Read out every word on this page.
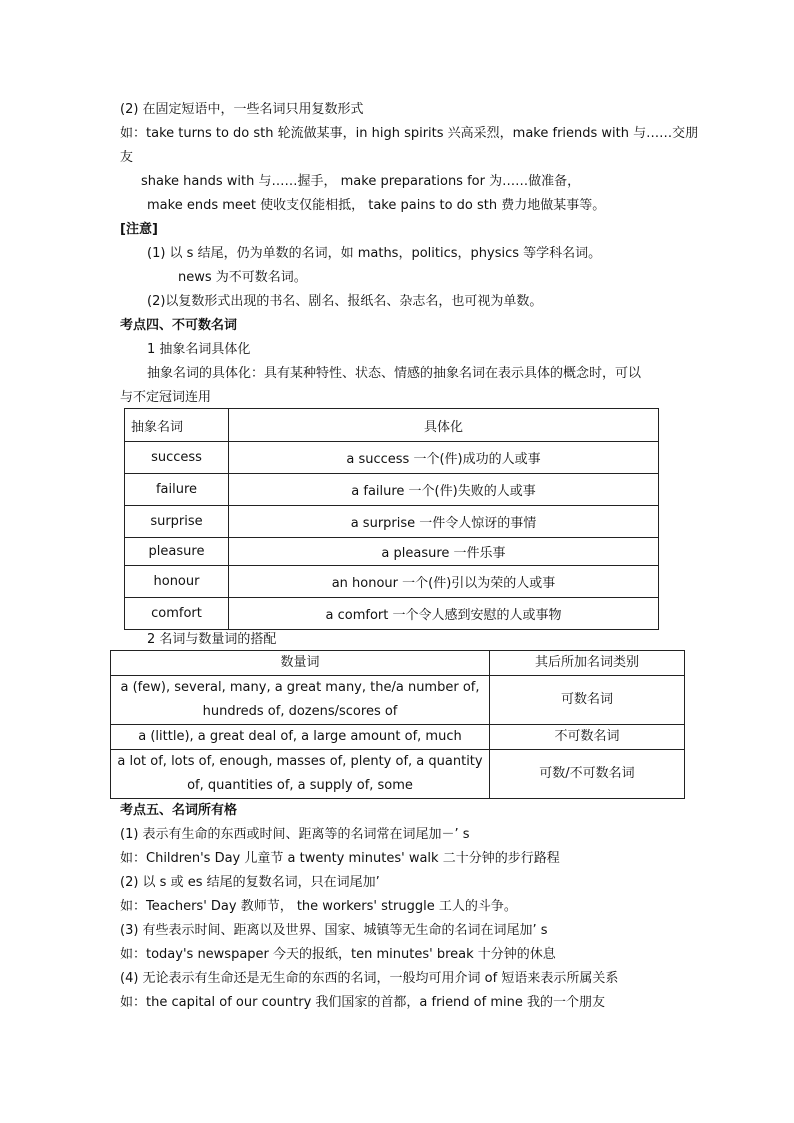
(2) 在固定短语中，一些名词只用复数形式
如：take turns to do sth 轮流做某事，in high spirits 兴高采烈，make friends with 与……交朋
友
shake hands with 与……握手， make preparations for 为……做准备，
make ends meet 使收支仅能相抵， take pains to do sth 费力地做某事等。
[注意]
(1) 以 s 结尾，仍为单数的名词，如 maths，politics，physics 等学科名词。
news 为不可数名词。
(2)以复数形式出现的书名、剧名、报纸名、杂志名，也可视为单数。
考点四、不可数名词
1 抽象名词具体化
抽象名词的具体化：具有某种特性、状态、情感的抽象名词在表示具体的概念时，可以
与不定冠词连用
抽象名词	具体化
success	a success 一个(件)成功的人或事
failure	a failure 一个(件)失败的人或事
surprise	a surprise 一件令人惊讶的事情
pleasure	a pleasure 一件乐事
honour	an honour 一个(件)引以为荣的人或事
comfort	a comfort 一个令人感到安慰的人或事物
2 名词与数量词的搭配
数量词	其后所加名词类别
a (few), several, many, a great many, the/a number of, hundreds of, dozens/scores of	可数名词
a (little), a great deal of, a large amount of, much	不可数名词
a lot of, lots of, enough, masses of, plenty of, a quantity of, quantities of, a supply of, some	可数/不可数名词
考点五、名词所有格
(1) 表示有生命的东西或时间、距离等的名词常在词尾加－’ s
如：Children's Day 儿童节 a twenty minutes' walk 二十分钟的步行路程
(2) 以 s 或 es 结尾的复数名词，只在词尾加’
如：Teachers' Day 教师节， the workers' struggle 工人的斗争。
(3) 有些表示时间、距离以及世界、国家、城镇等无生命的名词在词尾加’ s
如：today's newspaper 今天的报纸，ten minutes' break 十分钟的休息
(4) 无论表示有生命还是无生命的东西的名词，一般均可用介词 of 短语来表示所属关系
如：the capital of our country 我们国家的首都，a friend of mine 我的一个朋友
